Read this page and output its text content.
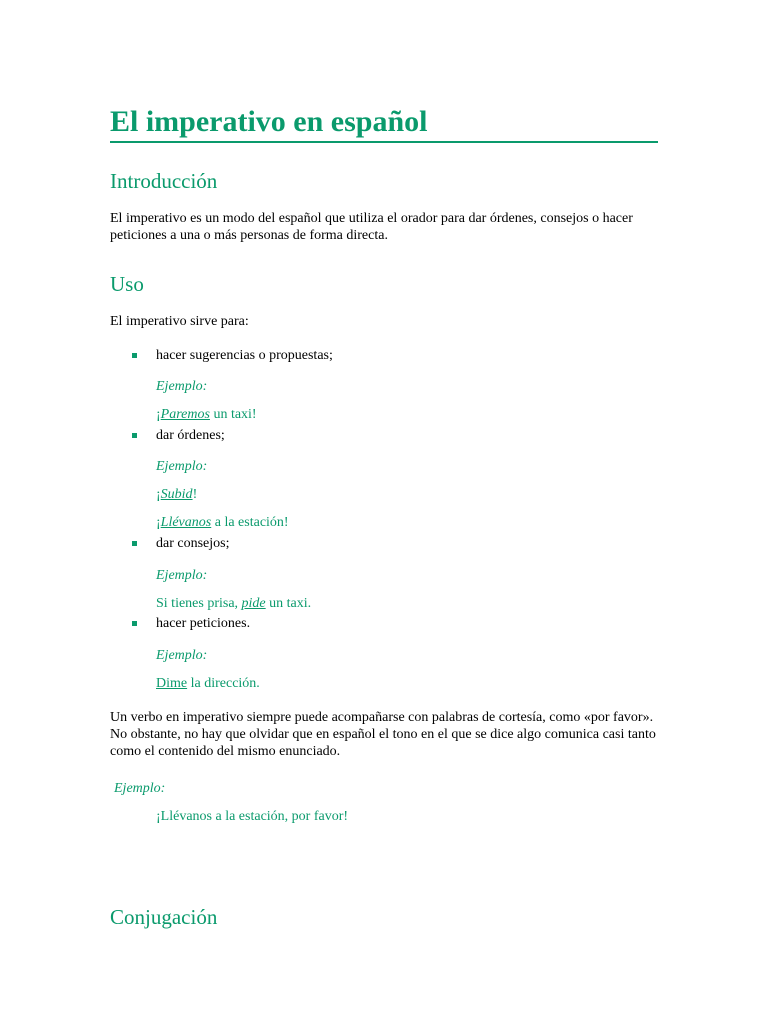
El imperativo en español
Introducción
El imperativo es un modo del español que utiliza el orador para dar órdenes, consejos o hacer peticiones a una o más personas de forma directa.
Uso
El imperativo sirve para:
hacer sugerencias o propuestas;
Ejemplo:
¡Paremos un taxi!
dar órdenes;
Ejemplo:
¡Subid!
¡Llévanos a la estación!
dar consejos;
Ejemplo:
Si tienes prisa, pide un taxi.
hacer peticiones.
Ejemplo:
Dime la dirección.
Un verbo en imperativo siempre puede acompañarse con palabras de cortesía, como «por favor». No obstante, no hay que olvidar que en español el tono en el que se dice algo comunica casi tanto como el contenido del mismo enunciado.
Ejemplo:
¡Llévanos a la estación, por favor!
Conjugación
